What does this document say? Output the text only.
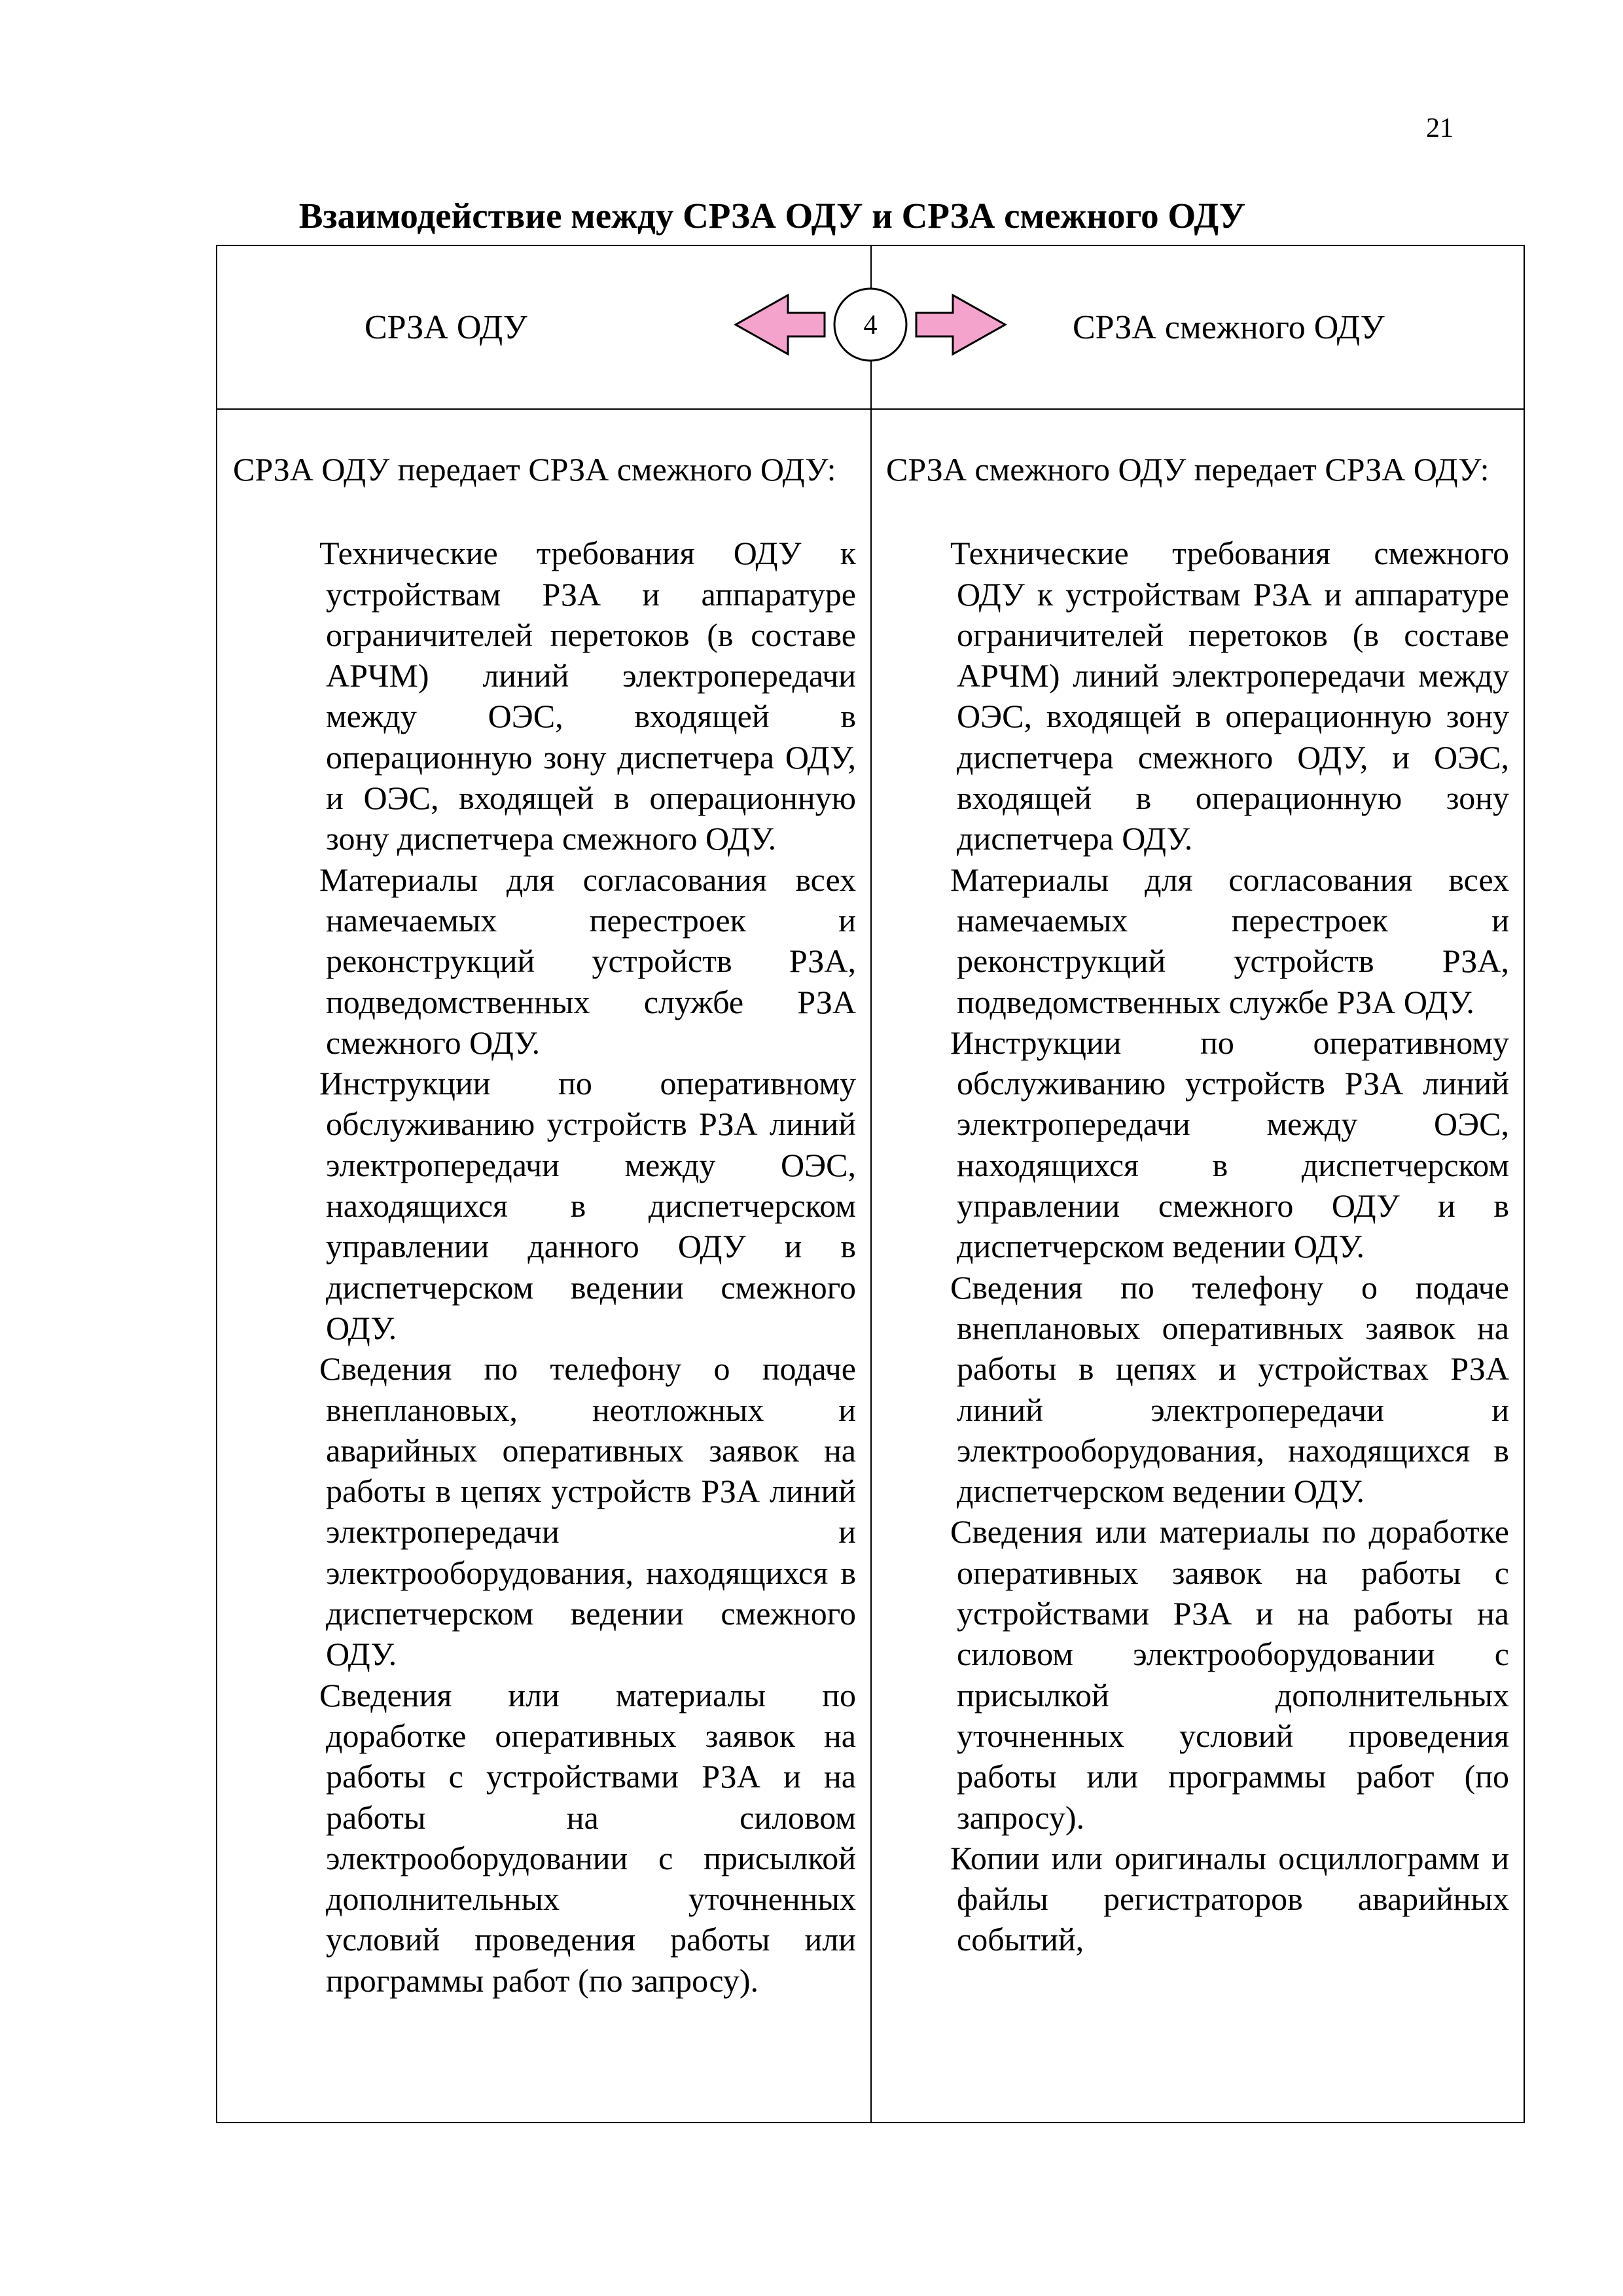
21
Взаимодействие между СРЗА ОДУ и СРЗА смежного ОДУ
СРЗА ОДУ	4	СРЗА смежного ОДУ

СРЗА ОДУ передает СРЗА смежного ОДУ:

Технические требования ОДУ к устройствам РЗА и аппаратуре ограничителей перетоков (в составе АРЧМ) линий электропередачи между ОЭС, входящей в операционную зону диспетчера ОДУ, и ОЭС, входящей в операционную зону диспетчера смежного ОДУ.

Материалы для согласования всех намечаемых перестроек и реконструкций устройств РЗА, подведомственных службе РЗА смежного ОДУ.

Инструкции по оперативному обслуживанию устройств РЗА линий электропередачи между ОЭС, находящихся в диспетчерском управлении данного ОДУ и в диспетчерском ведении смежного ОДУ.

Сведения по телефону о подаче внеплановых, неотложных и аварийных оперативных заявок на работы в цепях устройств РЗА линий электропередачи и электрооборудования, находящихся в диспетчерском ведении смежного ОДУ.

Сведения или материалы по доработке оперативных заявок на работы с устройствами РЗА и на работы на силовом электрооборудовании с присылкой дополнительных уточненных условий проведения работы или программы работ (по запросу).

СРЗА смежного ОДУ передает СРЗА ОДУ:

Технические требования смежного ОДУ к устройствам РЗА и аппаратуре ограничителей перетоков (в составе АРЧМ) линий электропередачи между ОЭС, входящей в операционную зону диспетчера смежного ОДУ, и ОЭС, входящей в операционную зону диспетчера ОДУ.

Материалы для согласования всех намечаемых перестроек и реконструкций устройств РЗА, подведомственных службе РЗА ОДУ.

Инструкции по оперативному обслуживанию устройств РЗА линий электропередачи между ОЭС, находящихся в диспетчерском управлении смежного ОДУ и в диспетчерском ведении ОДУ.

Сведения по телефону о подаче внеплановых оперативных заявок на работы в цепях и устройствах РЗА линий электропередачи и электрооборудования, находящихся в диспетчерском ведении ОДУ.

Сведения или материалы по доработке оперативных заявок на работы с устройствами РЗА и на работы на силовом электрооборудовании с присылкой дополнительных уточненных условий проведения работы или программы работ (по запросу).

Копии или оригиналы осциллограмм и файлы регистраторов аварийных событий,
